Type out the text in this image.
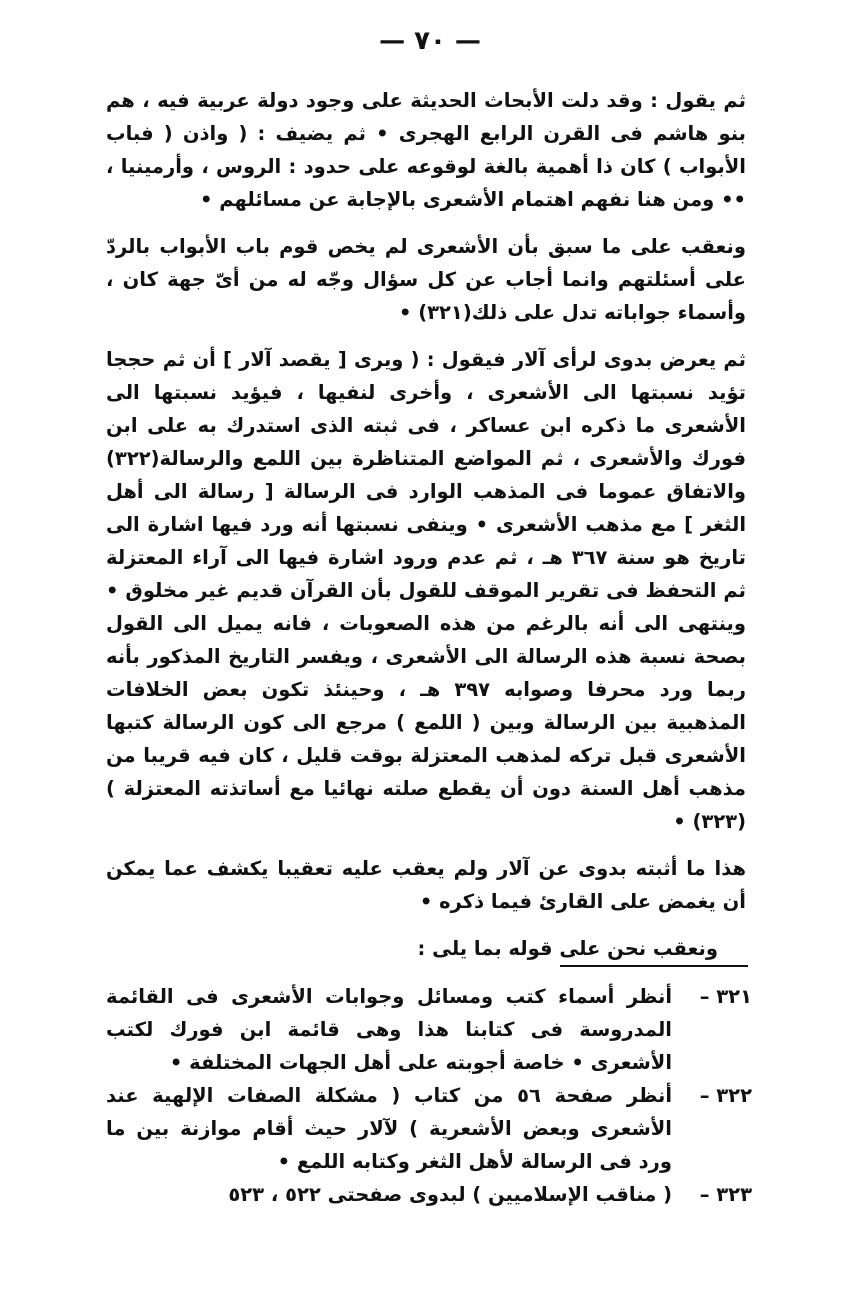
— ٧٠ —

ثم يقول : وقد دلت الأبحاث الحديثة على وجود دولة عربية فيه ، هم بنو هاشم فى القرن الرابع الهجرى • ثم يضيف : ( واذن ( فباب الأبواب ) كان ذا أهمية بالغة لوقوعه على حدود : الروس ، وأرمينيا ، •• ومن هنا نفهم اهتمام الأشعرى بالإجابة عن مسائلهم •

ونعقب على ما سبق بأن الأشعرى لم يخص قوم باب الأبواب بالردّ على أسئلتهم وانما أجاب عن كل سؤال وجّه له من أىّ جهة كان ، وأسماء جواباته تدل على ذلك(٣٢١) •

ثم يعرض بدوى لرأى آلار فيقول : ( ويرى [ يقصد آلار ] أن ثم حججا تؤيد نسبتها الى الأشعرى ، وأخرى لنفيها ، فيؤيد نسبتها الى الأشعرى ما ذكره ابن عساكر ، فى ثبته الذى استدرك به على ابن فورك والأشعرى ، ثم المواضع المتناظرة بين اللمع والرسالة(٣٢٢) والاتفاق عموما فى المذهب الوارد فى الرسالة [ رسالة الى أهل الثغر ] مع مذهب الأشعرى • وينفى نسبتها أنه ورد فيها اشارة الى تاريخ هو سنة ٣٦٧ هـ ، ثم عدم ورود اشارة فيها الى آراء المعتزلة ثم التحفظ فى تقرير الموقف للقول بأن القرآن قديم غير مخلوق • وينتهى الى أنه بالرغم من هذه الصعوبات ، فانه يميل الى القول بصحة نسبة هذه الرسالة الى الأشعرى ، ويفسر التاريخ المذكور بأنه ربما ورد محرفا وصوابه ٣٩٧ هـ ، وحينئذ تكون بعض الخلافات المذهبية بين الرسالة وبين ( اللمع ) مرجع الى كون الرسالة كتبها الأشعرى قبل تركه لمذهب المعتزلة بوقت قليل ، كان فيه قريبا من مذهب أهل السنة دون أن يقطع صلته نهائيا مع أساتذته المعتزلة )(٣٢٣) •

هذا ما أثبته بدوى عن آلار ولم يعقب عليه تعقيبا يكشف عما يمكن أن يغمض على القارئ فيما ذكره •

ونعقب نحن على قوله بما يلى :

٣٢١ –
أنظر أسماء كتب ومسائل وجوابات الأشعرى فى القائمة المدروسة فى كتابنا هذا وهى قائمة ابن فورك لكتب الأشعرى • خاصة أجوبته على أهل الجهات المختلفة •
٣٢٢ –
أنظر صفحة ٥٦ من كتاب ( مشكلة الصفات الإلهية عند الأشعرى وبعض الأشعرية ) لآلار حيث أقام موازنة بين ما ورد فى الرسالة لأهل الثغر وكتابه اللمع •
٣٢٣ –
( مناقب الإسلاميين ) لبدوى صفحتى ٥٢٢ ، ٥٢٣
